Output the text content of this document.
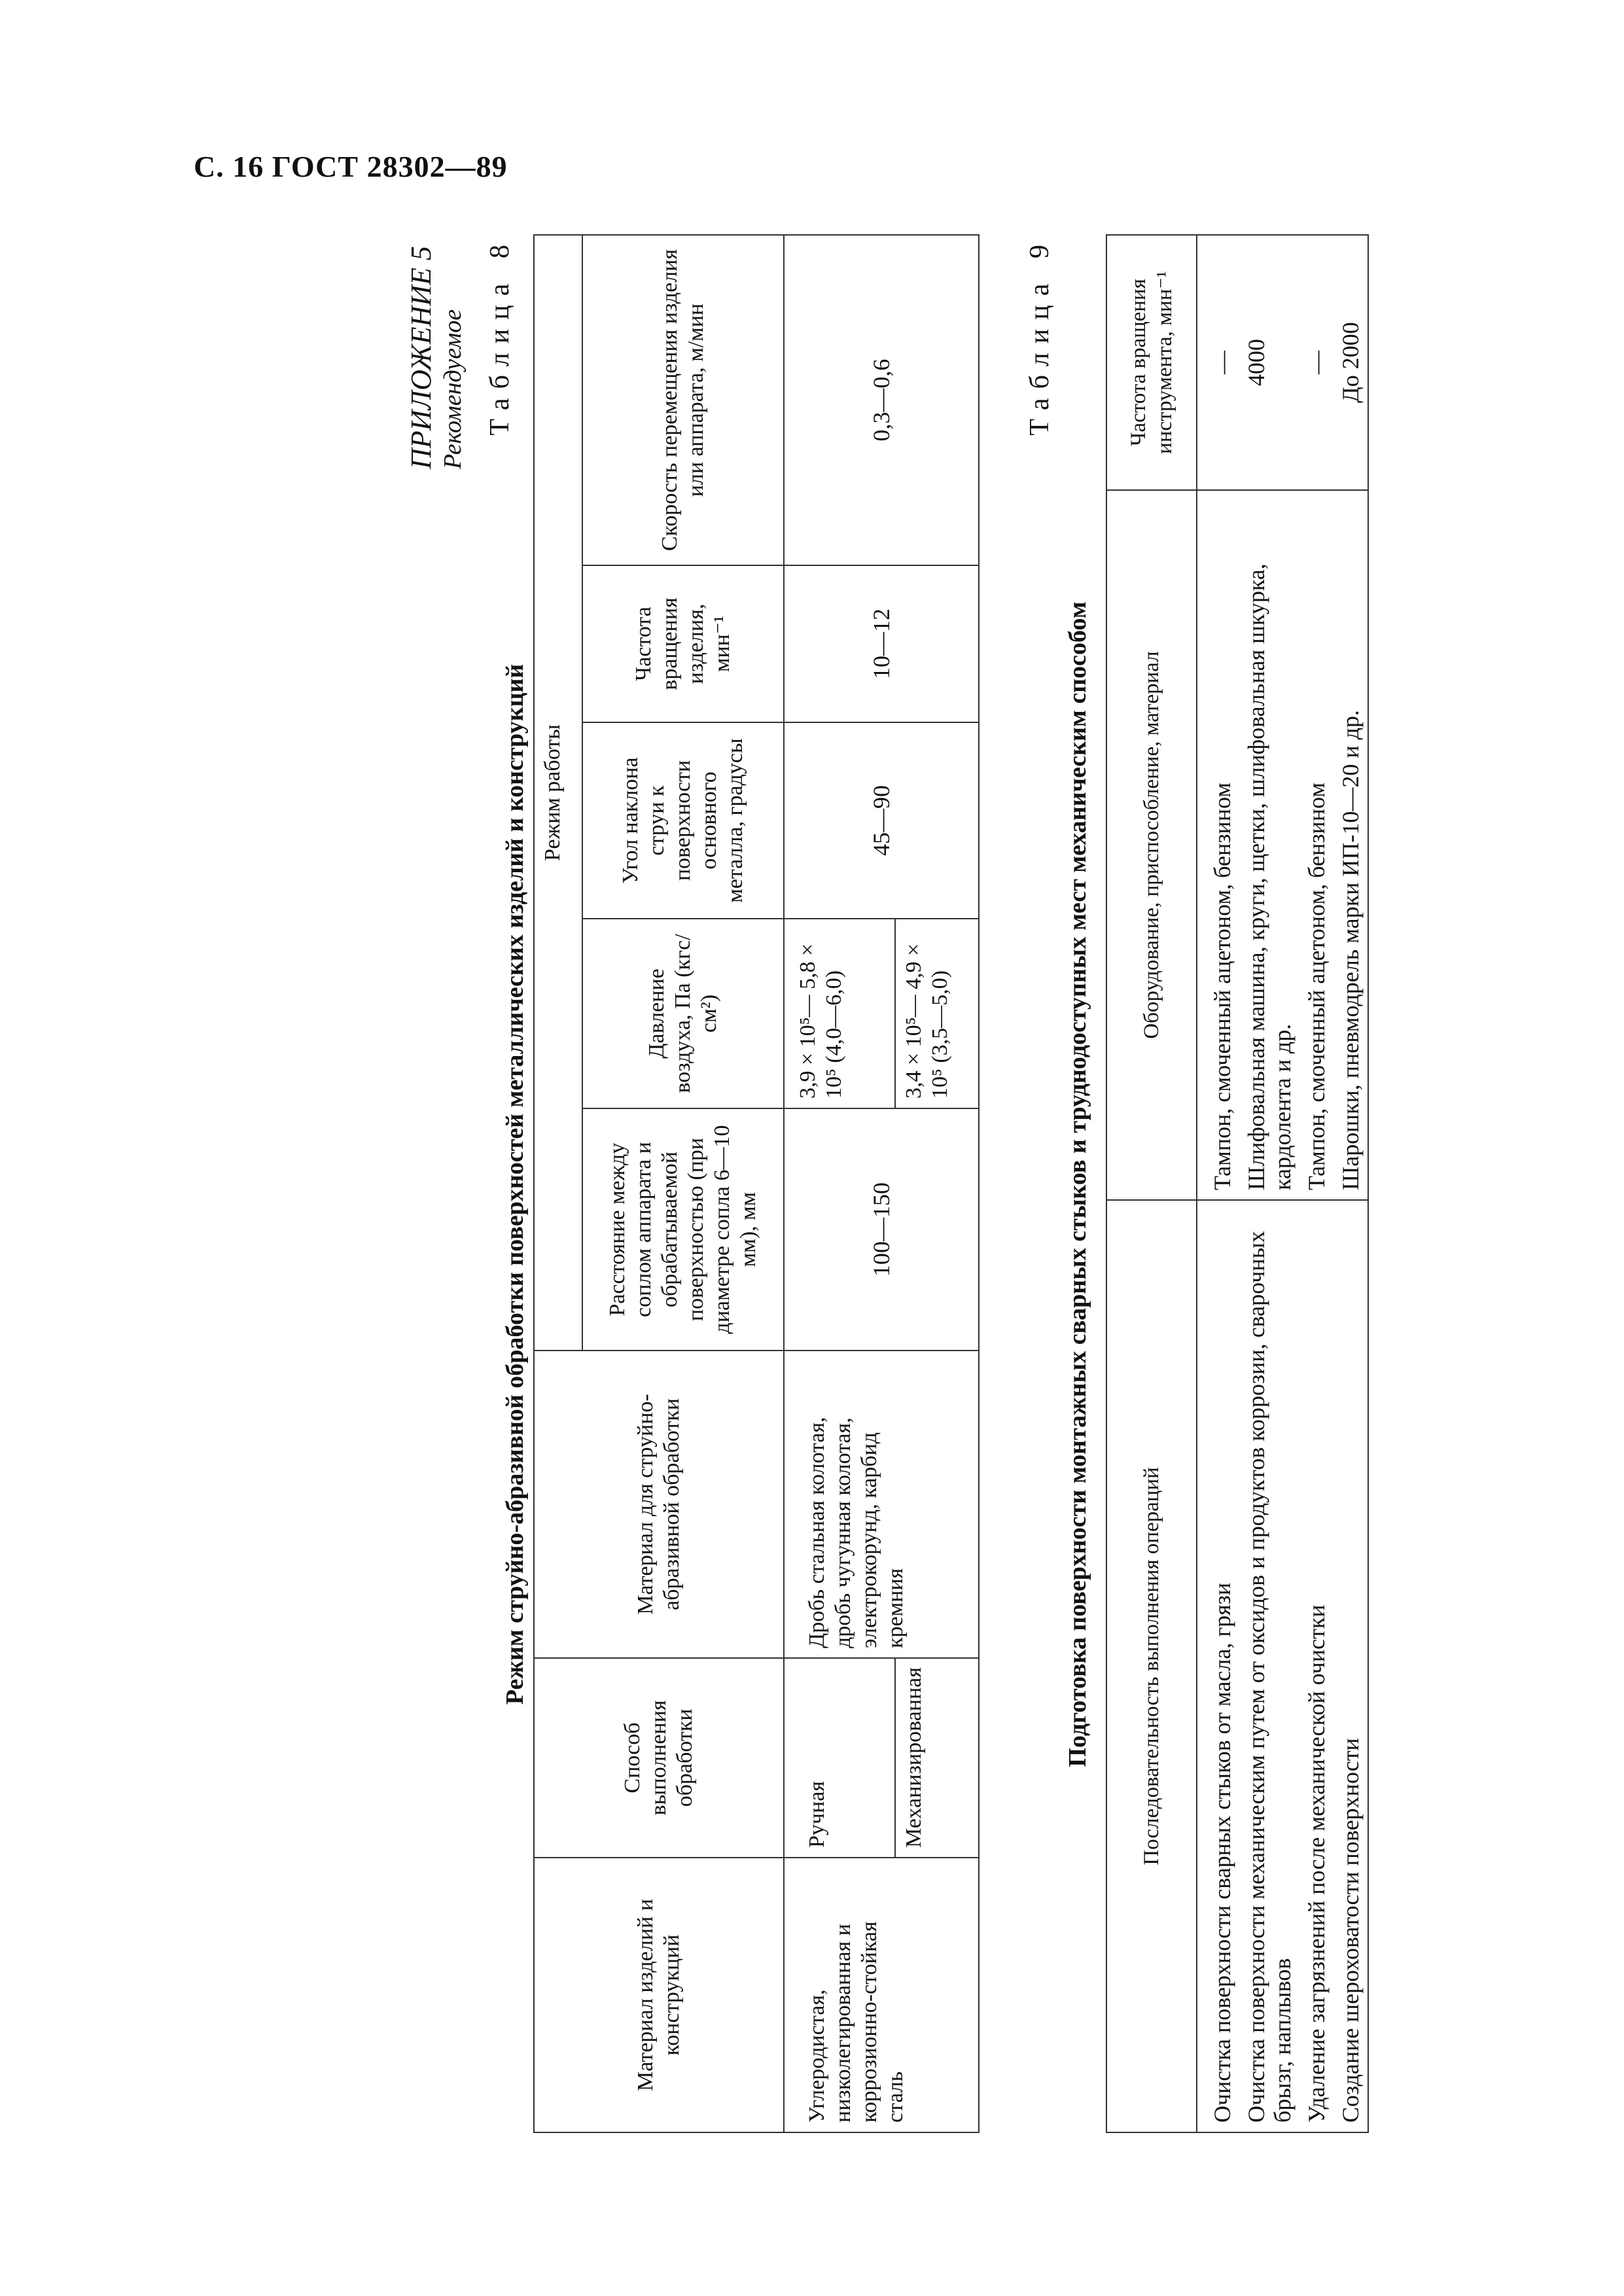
С. 16 ГОСТ 28302—89
ПРИЛОЖЕНИЕ 5 Рекомендуемое Таблица 8
Режим струйно-абразивной обработки поверхностей металлических изделий и конструкций
Материал изделий и конструкций	Способ выполнения обработки	Материал для струйно-абразивной обработки	Режим работы				
			Расстояние между соплом аппарата и обрабатываемой поверхностью (при диаметре сопла 6—10 мм), мм	Давление воздуха, Па (кгс/см²)	Угол наклона струи к поверхности основного металла, градусы	Частота вращения изделия, мин⁻¹	Скорость перемещения изделия или аппарата, м/мин
Углеродистая, низколегированная и коррозионно-стойкая сталь	Ручная	Дробь стальная колотая, дробь чугунная колотая, электрокорунд, карбид кремния	100—150	3,9 × 10⁵— 5,8 × 10⁵ (4,0—6,0)	45—90	10—12	0,3—0,6
	Механизированная			3,4 × 10⁵— 4,9 × 10⁵ (3,5—5,0)			
Таблица 9
Подготовка поверхности монтажных сварных стыков и труднодоступных мест механическим способом Последовательность выполнения операций	Оборудование, приспособление, материал	Частота вращения инструмента, мин⁻¹
Очистка поверхности сварных стыков от масла, грязи	Тампон, смоченный ацетоном, бензином	—
Очистка поверхности механическим путем от оксидов и продуктов коррозии, сварочных брызг, наплывов	Шлифовальная машина, круги, щетки, шлифовальная шкурка, кардолента и др.	4000
Удаление загрязнений после механической очистки	Тампон, смоченный ацетоном, бензином	—
Создание шероховатости поверхности	Шарошки, пневмодрель марки ИП-10—20 и др.	До 2000
